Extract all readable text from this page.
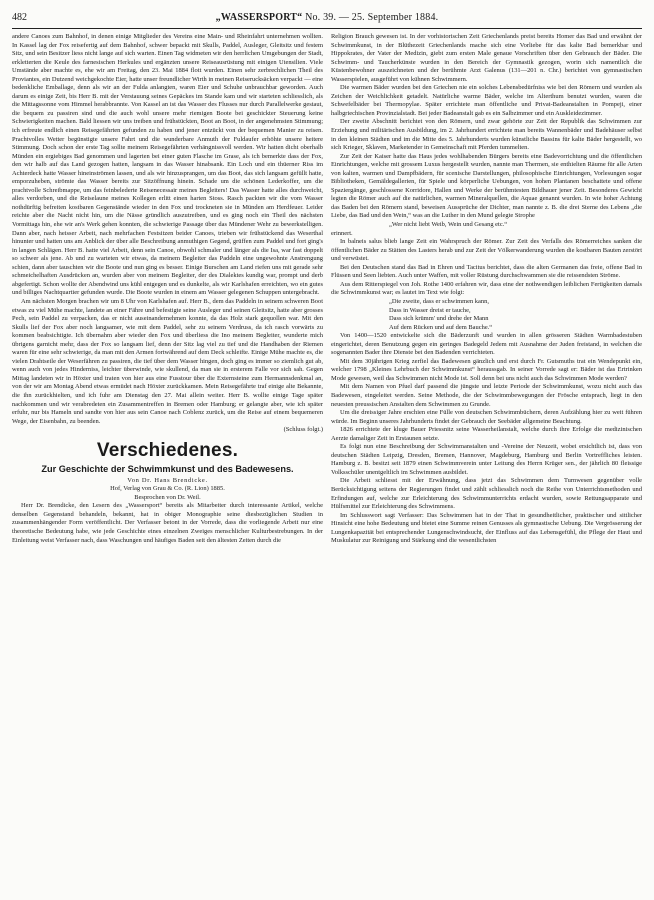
482	„WASSERSPORT“ No. 39. — 25. September 1884.

andere Canoes zum Bahnhof, in denen einige Mitglieder des Vereins eine Main- und Rheinfahrt unternehmen wollten. In Kassel lag der Fox reisefertig auf dem Bahnhof, schwer bepackt mit Skulls, Paddel, Ausleger, Gleitsitz und festem Sitz, und sein Besitzer liess nicht lange auf sich warten. Einen Tag widmeten wir den herrlichen Umgebungen der Stadt, erkletterten die Keule des farnesischen Herkules und ergänzten unsere Reiseausrüstung mit einigen Utensilien. Viele Umstände aber machte es, ehe wir am Freitag, den 23. Mai 1884 flott wurden. Einen sehr zerbrechlichen Theil des Proviantes, ein Dutzend weichgekochte Eier, hatte unser freundlicher Wirth in meinen Reiserucksäcken verpackt — eine bedenkliche Emballage, denn als wir an der Fulda anlangten, waren Eier und Schuhe unbrauchbar geworden. Auch darum es einige Zeit, bis Herr B. mit der Verstauung seines Gepäckes im Stande kam und wir starteten schliesslich, als die Mittagssonne vom Himmel herabbrannte. Von Kassel an ist das Wasser des Flusses nur durch Parallelwerke gestaut, die bequem zu passiren sind und die auch wohl unsere mehr riemigen Boote bei geschickter Steuerung keine Schwierigkeiten machen. Bald liessen wir uns treiben und frühstückten, Boot an Boot, in der angenehmsten Stimmung; ich erfreute endlich einen Reisegefährten gefunden zu haben und jener entzückt von der bequemen Manier zu reisen. Prachtvolles Wetter begünstigte unsere Fahrt und die wunderbare Anmuth der Fuldaufer erhöhte unsere heitere Stimmung. Doch schon der erste Tag sollte meinem Reisegefährten verhängnissvoll werden. Wir hatten dicht oberhalb Münden ein ergiebiges Bad genommen und lagerten bei einer guten Flasche im Grase, als ich bemerkte dass der Fox, den wir halb auf das Land gezogen hatten, langsam in das Wasser hinabsank. Ein Loch und ein thüerner Riss im Achterdeck hatte Wasser hineinströmen lassen, und als wir hinzusprangen, um das Boot, das sich langsam gefüllt hatte, emporzuheben, strömte das Wasser bereits zur Sitzöffnung hinein. Schade um die schönen Lederkoffer, um die prachtvolle Schreibmappe, um das feinbelederte Reisenecessair meines Begleiters! Das Wasser hatte alles durchweicht, alles verdorben, und die Reiselaune meines Kollegen erlitt einen harten Stoss. Rasch packten wir die vom Wasser nothdürftig befreiten kostbaren Gegenstände wieder in den Fox und trockneten sie in Münden am Herdfeuer. Leider reichte aber die Nacht nicht hin, um die Nässe gründlich auszutreiben, und es ging noch ein Theil des nächsten Vormittags hin, ehe wir an's Werk gehen konnten, die schwierige Passage über das Mündener Wehr zu bewerkstelligen. Dann aber, nach heisser Arbeit, nach mehrfachen Festsitzen beider Canoes, trieben wir frühstückend das Weserthal hinunter und hatten uns am Anblick der über alle Beschreibung anmuthigen Gegend, grüffen zum Paddel und fort ging's in langen Schlägen. Herr B. hatte viel Arbeit, denn sein Canoe, obwohl schmaler und länger als die Isa, war fast doppelt so schwer als jene. Ab und zu warteten wir etwas, da meinem Begleiter das Paddeln eine ungewohnte Anstrengung schien, dann aber tauschten wir die Boote und nun ging es besser. Einige Burschen am Land riefen uns mit gerade sehr schmeichelhaften Ausdrücken an, wurden aber von meinem Begleiter, der des Dialektes kundig war, prompt und derb abgefertigt. Schon wollte der Abendwind uns kühl entgegen und es dunkelte, als wir Karlshafen erreichten, wo ein gutes und billiges Nachtquartier gefunden wurde. Die Boote wurden in einem am Wasser gelegenen Schuppen untergebracht.

Am nächsten Morgen brachen wir um 8 Uhr von Karlshafen auf. Herr B., dem das Paddeln in seinem schweren Boot etwas zu viel Mühe machte, landete an einer Fähre und befestigte seine Ausleger und seinen Gleitsitz, hatte aber grosses Pech, sein Paddel zu verpacken, das er nicht auseinandernehmen konnte, da das Holz stark gequollen war. Mit den Skulls lief der Fox aber noch langsamer, wie mit dem Paddel, sehr zu seinem Verdruss, da ich rasch vorwärts zu kommen beabsichtigte. Ich übernahm aber wieder den Fox und überliess die Ino meinem Begleiter, wunderte mich übrigens garnicht mehr, dass der Fox so langsam lief, denn der Sitz lag viel zu tief und die Handhaben der Riemen waren für eine sehr schwierige, da man mit den Armen fortwährend auf dem Deck schleifte. Einige Mühe machte es, die vielen Drahtseile der Weserfähren zu passiren, die tief über dem Wasser hingen, doch ging es immer so ziemlich gut ab, wenn auch von jedes Hinderniss, leichter überwinde, wie skullend, da man sie in ersterem Falle vor sich sah. Gegen Mittag landeten wir in Höxter und traten von hier aus eine Fusstour über die Externsteine zum Hermannsdenkmal an, von der wir am Montag Abend etwas ermüdet nach Höxter zurückkamen. Mein Reisegefährte traf einige alte Bekannte, die ihn zurückhielten, und ich fuhr am Dienstag den 27. Mai allein weiter. Herr B. wollte einige Tage später nachkommen und wir verabredeten ein Zusammentreffen in Bremen oder Hamburg; er gelangte aber, wie ich später erfuhr, nur bis Hameln und sandte von hier aus sein Canoe nach Coblenz zurück, um die Reise auf einem bequemeren Wege, der Eisenbahn, zu beenden.

(Schluss folgt.)

Verschiedenes.
Zur Geschichte der Schwimmkunst und des Badewesens.

Von Dr. Hans Brendicke.

Hof, Verlag von Grau & Co. (R. Lion) 1885.

Besprochen von Dr. Weil.

Herr Dr. Brendicke, den Lesern des „Wassersport“ bereits als Mitarbeiter durch interessante Artikel, welche denselben Gegenstand behandeln, bekannt, hat in obiger Monographie seine diesbezüglichen Studien in zusammenhängender Form veröffentlicht. Der Verfasser betont in der Vorrede, dass die vorliegende Arbeit nur eine theoretische Bedeutung habe, wie jede Geschichte eines einzelnen Zweiges menschlicher Kulturbestrebungen. In der Einleitung weist Verfasser nach, dass Waschungen und häufiges Baden seit den ältesten Zeiten durch die

Religion Brauch gewesen ist. In der vorhistorischen Zeit Griechenlands preist bereits Homer das Bad und erwähnt der Schwimmkunst, in der Blüthezeit Griechenlands mache sich eine Vorliebe für das kalte Bad bemerkbar und Hippokrates, der Vater der Medizin, giebt zum ersten Male genaue Vorschriften über den Gebrauch der Bäder. Die Schwimm- und Taucherkünste wurden in den Bereich der Gymnastik gezogen, worin sich namentlich die Küstenbewohner auszeichneten und der berühmte Arzt Galenus (131—201 n. Chr.) berichtet von gymnastischen Wasserspielen, ausgeführt von kühnen Schwimmern.

Die warmen Bäder wurden bei den Griechen nie ein solches Lebensbedürfniss wie bei den Römern und wurden als Zeichen der Weichlichkeit getadelt. Natürliche warme Bäder, welche im Alterthum benutzt wurden, waren die Schwefelbäder bei Thermopylae. Später errichtete man öffentliche und Privat-Badeanstalten in Pompeji, einer halbgriechischen Provinzialstadt. Bei jeder Badeanstalt gab es ein Salbzimmer und ein Auskleidezimmer.

Der zweite Abschnitt berichtet von den Römern, und zwar gehörte zur Zeit der Republik das Schwimmen zur Erziehung und militärischen Ausbildung, im 2. Jahrhundert errichtete man bereits Wannenbäder und Badehäuser selbst in den kleinen Städten und im die Mitte des 5. Jahrhunderts wurden künstliche Bassins für kalte Bäder hergestellt, wo sich Krieger, Sklaven, Marketender in Gemeinschaft mit Pferden tummelten.

Zur Zeit der Kaiser hatte das Haus jedes wohlhabenden Bürgers bereits eine Badevorrichtung und die öffentlichen Einrichtungen, welche mit grossem Luxus hergestellt wurden, nannte man Thermen, sie enthielten Räume für alle Arten von kalten, warmen und Dampfbädern, für scenische Darstellungen, philosophische Einrichtungen, Vorlesungen sogar Bibliotheken, Gemäldegallerien, für Spiele und körperliche Uebungen, von hohen Plantanen beschattete und offene Spaziergänge, geschlossene Korridore, Hallen und Werke der berühmtesten Bildhauer jener Zeit. Besonderes Gewicht legten die Römer auch auf die natürlichen, warmen Mineralquellen, die Aquae genannt wurden. In wie hoher Achtung das Baden bei den Römern stand, beweisen Aussprüche der Dichter, man nannte z. B. die drei Sterne des Lebens „die Liebe, das Bad und den Wein,“ was an die Luther in den Mund gelegte Strophe

„Wer nicht liebt Weib, Wein und Gesang etc.“

erinnert.

In balneis salus blieb lange Zeit ein Wahrspruch der Römer. Zur Zeit des Verfalls des Römerreiches sanken die öffentlichen Bäder zu Stätten des Lasters herab und zur Zeit der Völkerwanderung wurden die kostbaren Bauten zerstört und verwüstet.

Bei den Deutschen stand das Bad in Ehren und Tacitus berichtet, dass die alten Germanen das freie, offene Bad in Flüssen und Seen liebten. Auch unter Waffen, mit voller Rüstung durchschwammen sie die reissendsten Ströme.

Aus dem Ritterspiegel von Joh. Rothe 1400 erfahren wir, dass eine der nothwendigen leiblichen Fertigkeiten damals die Schwimmkunst war; es lautet im Text wie folgt:

„Die zweite, dass er schwimmen kann,

Dass in Wasser dreist er tauche,

Dass sich krümm' und drehe der Mann

Auf dem Rücken und auf dem Bauche.“

Von 1400—1520 entwickelte sich die Bäderzunft und wurden in allen grösseren Städten Warmbadestuben eingerichtet, deren Benutzung gegen ein geringes Badegeld Jedem mit Ausnahme der Juden freistand, in welchen die sogenannten Bader ihre Dienste bei den Badenden verrichteten.

Mit dem 30jährigen Krieg zerfiel das Badewesen gänzlich und erst durch Fr. Gutsmuths trat ein Wendepunkt ein, welcher 1798 „Kleines Lehrbuch der Schwimmkunst“ heraussgab. In seiner Vorrede sagt er: Bäder ist das Ertrinken Mode gewesen, weil das Schwimmen nicht Mode ist. Soll denn bei uns nicht auch das Schwimmen Mode werden?

Mit dem Namen von Pfuel darf passend die jüngste und letzte Periode der Schwimmkunst, wozu nicht auch das Badewesen, eingeleitet werden. Seine Methode, die der Schwimmbewegungen der Frösche entsprach, liegt in den neuesten preussischen Anstalten dem Schwimmen zu Grunde.

Um die dreissiger Jahre erschien eine Fülle von deutschen Schwimmbüchern, deren Aufzählung hier zu weit führen würde. Im Beginn unseres Jahrhunderts findet der Gebrauch der Seebäder allgemeine Beachtung.

1826 errichtete der kluge Bauer Priessnitz seine Wasserheilanstalt, welche durch ihre Erfolge die medizinischen Aerzte damaliger Zeit in Erstaunen setzte.

Es folgt nun eine Beschreibung der Schwimmanstalten und -Vereine der Neuzeit, wobei ersichtlich ist, dass von deutschen Städten Leipzig, Dresden, Bremen, Hannover, Magdeburg, Hamburg und Berlin Vortreffliches leisten. Hamburg z. B. besitzt seit 1879 einen Schwimmverein unter Leitung des Herrn Krüger sen., der jährlich 80 fleissige Volksschüler unentgeltlich im Schwimmen ausbildet.

Die Arbeit schliesst mit der Erwähnung, dass jetzt das Schwimmen dem Turnwesen gegenüber volle Berücksichtigung seitens der Regierungen findet und zählt schliesslich noch die Reihe von Unterrichtsmethoden und Erfindungen auf, welche zur Erleichterung des Schwimmunterrichts erdacht wurden, sowie Rettungsapparate und Hülfsmittel zur Erleichterung des Schwimmens.

Im Schlusswort sagt Verfasser: Das Schwimmen hat in der That in gesundheitlicher, praktischer und sittlicher Hinsicht eine hohe Bedeutung und bietet eine Summe reinen Genusses als gymnastische Uebung. Die Vergrösserung der Lungenkapazität bei entsprechender Lungenschwindsucht, der Einfluss auf das Lebensgefühl, die Pflege der Haut und Muskulatur zur Reinigung und Stärkung sind die wesentlichsten
